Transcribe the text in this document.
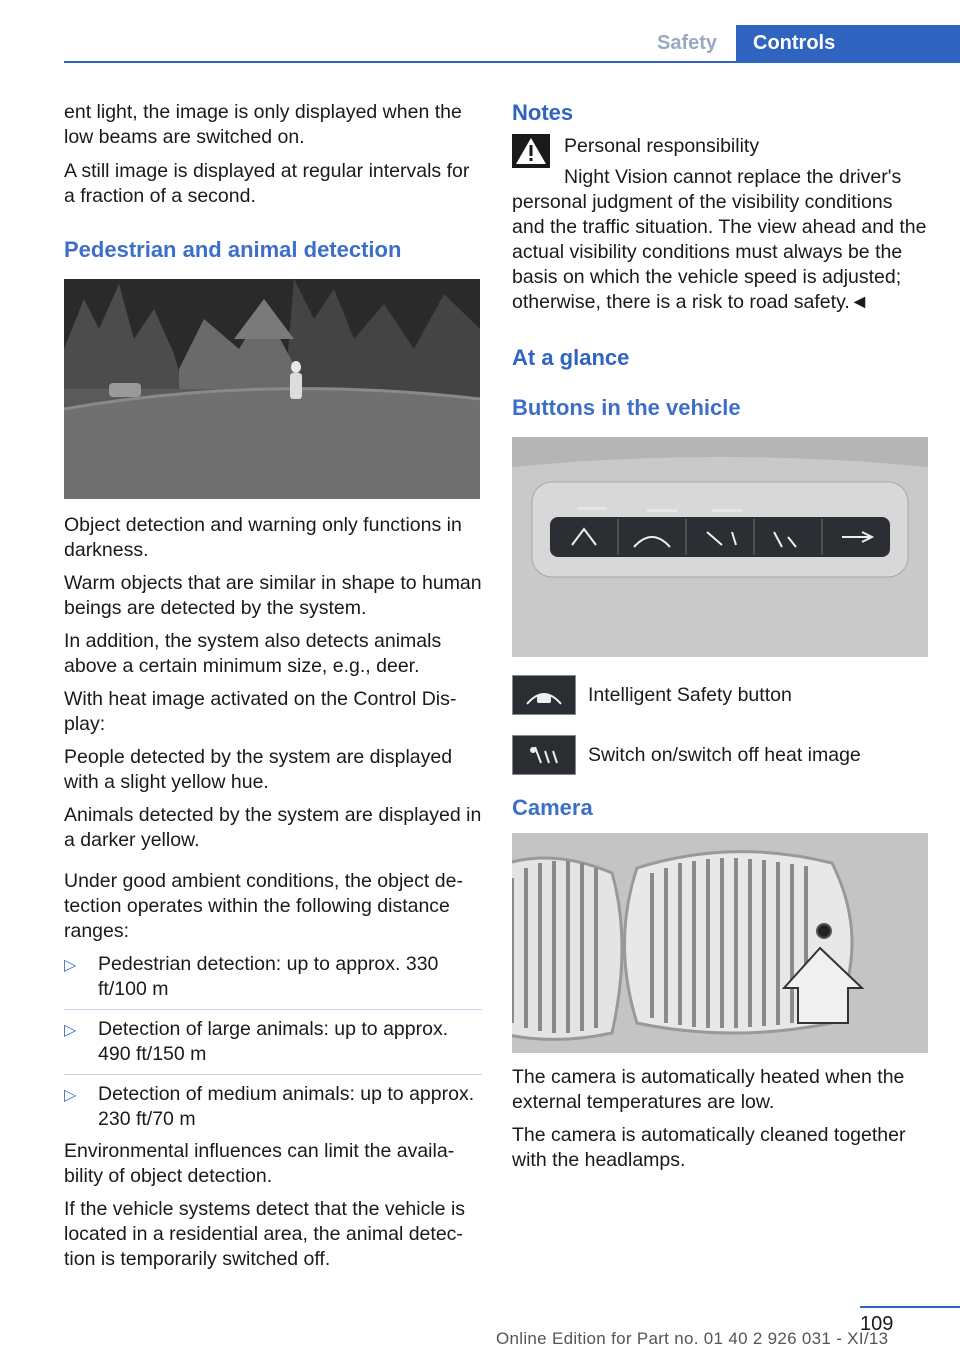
Safety	Controls

ent light, the image is only displayed when the low beams are switched on.

A still image is displayed at regular intervals for a fraction of a second.

Pedestrian and animal detection

Object detection and warning only functions in darkness.

Warm objects that are similar in shape to human beings are detected by the system.

In addition, the system also detects animals above a certain minimum size, e.g., deer.

With heat image activated on the Control Display:

People detected by the system are displayed with a slight yellow hue.

Animals detected by the system are displayed in a darker yellow.

Under good ambient conditions, the object detection operates within the following distance ranges:

▷ Pedestrian detection: up to approx. 330 ft/100 m
▷ Detection of large animals: up to approx. 490 ft/150 m
▷ Detection of medium animals: up to approx. 230 ft/70 m

Environmental influences can limit the availability of object detection.

If the vehicle systems detect that the vehicle is located in a residential area, the animal detection is temporarily switched off.

Notes

Personal responsibility

Night Vision cannot replace the driver's

personal judgment of the visibility conditions and the traffic situation. The view ahead and the actual visibility conditions must always be the basis on which the vehicle speed is adjusted; otherwise, there is a risk to road safety.◄

At a glance
Buttons in the vehicle
Intelligent Safety button
Switch on/switch off heat image
Camera

The camera is automatically heated when the external temperatures are low.

The camera is automatically cleaned together with the headlamps.

109
Online Edition for Part no. 01 40 2 926 031 - XI/13
